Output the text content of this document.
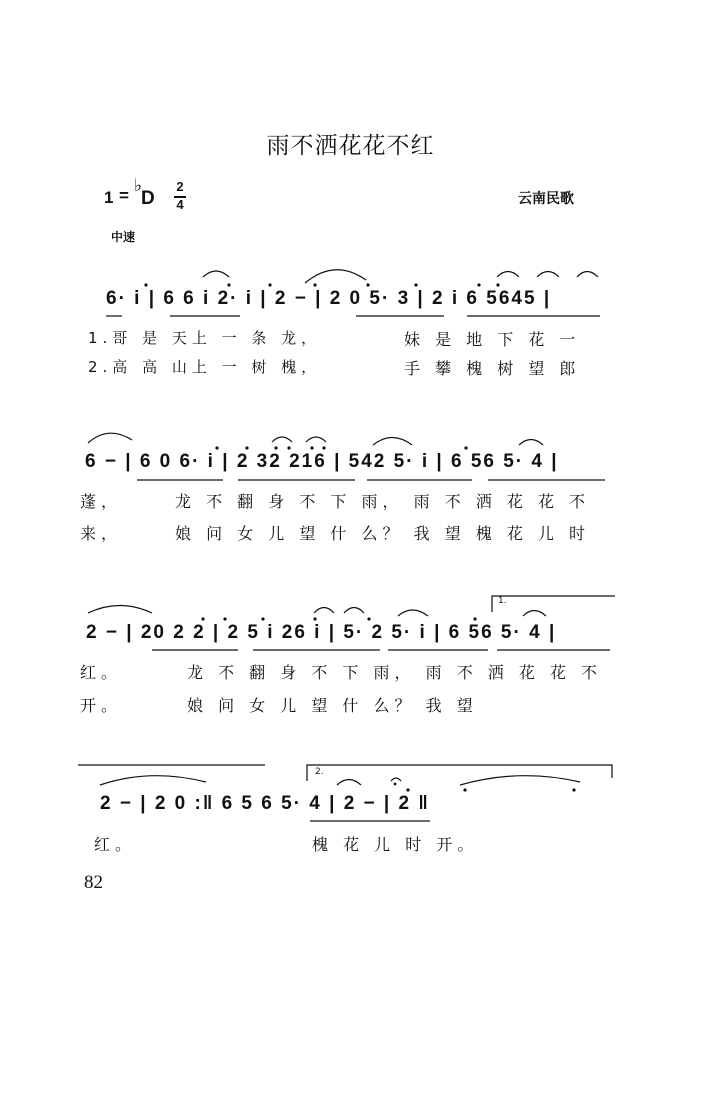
雨不洒花花不红
1 = ♭
D
2
4	云南民歌
中速
6· i | 6 6 i 2· i | 2 − | 2 0 5· 3 | 2 i 6 5645 |
6 − | 6 0 6· i | 2 32 216 | 542 5· i | 6 56 5· 4 |
2 − | 20 2 2 | 2 5 i 26 i | 5· 2 5· i | 6 56 5· 4 |
2 − | 2 0 :‖ 6 5 6 5· 4 | 2 − | 2 ‖
1.
2.
1.哥 是 天上 一 条 龙，	妹 是 地 下 花 一
2.高 高 山上 一 树 槐，	手 攀 槐 树 望 郎
蓬，	龙 不 翻 身 不 下 雨， 雨 不 洒 花 花 不
来，	娘 问 女 儿 望 什 么？ 我 望 槐 花 儿 时
红。	龙 不 翻 身 不 下 雨， 雨 不 洒 花 花 不
开。	娘 问 女 儿 望 什 么？ 我 望
红。	槐 花 儿 时 开。
82
